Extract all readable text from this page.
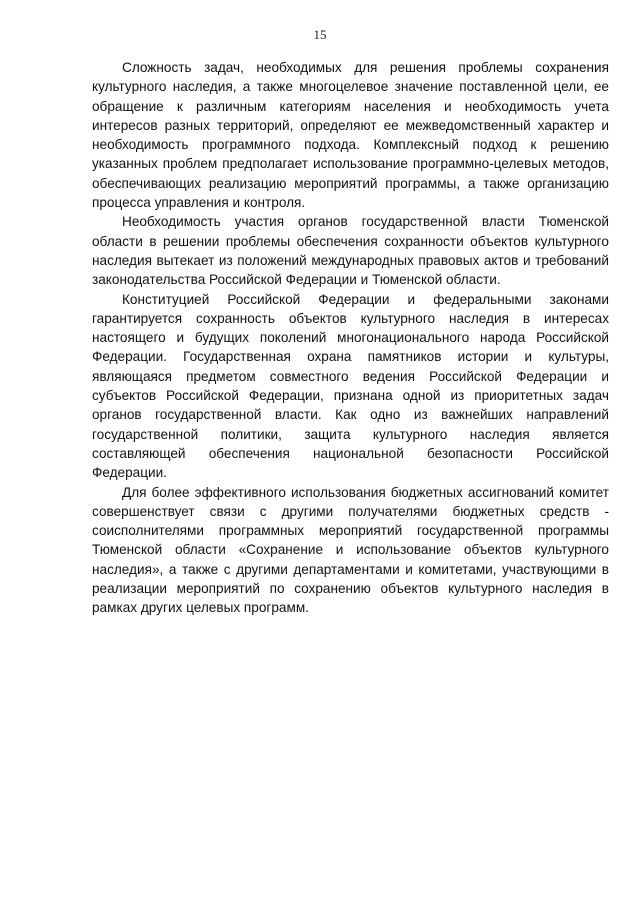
15

Сложность задач, необходимых для решения проблемы сохранения культурного наследия, а также многоцелевое значение поставленной цели, ее обращение к различным категориям населения и необходимость учета интересов разных территорий, определяют ее межведомственный характер и необходимость программного подхода. Комплексный подход к решению указанных проблем предполагает использование программно-целевых методов, обеспечивающих реализацию мероприятий программы, а также организацию процесса управления и контроля.

Необходимость участия органов государственной власти Тюменской области в решении проблемы обеспечения сохранности объектов культурного наследия вытекает из положений международных правовых актов и требований законодательства Российской Федерации и Тюменской области.

Конституцией Российской Федерации и федеральными законами гарантируется сохранность объектов культурного наследия в интересах настоящего и будущих поколений многонационального народа Российской Федерации. Государственная охрана памятников истории и культуры, являющаяся предметом совместного ведения Российской Федерации и субъектов Российской Федерации, признана одной из приоритетных задач органов государственной власти. Как одно из важнейших направлений государственной политики, защита культурного наследия является составляющей обеспечения национальной безопасности Российской Федерации.

Для более эффективного использования бюджетных ассигнований комитет совершенствует связи с другими получателями бюджетных средств - соисполнителями программных мероприятий государственной программы Тюменской области «Сохранение и использование объектов культурного наследия», а также с другими департаментами и комитетами, участвующими в реализации мероприятий по сохранению объектов культурного наследия в рамках других целевых программ.
